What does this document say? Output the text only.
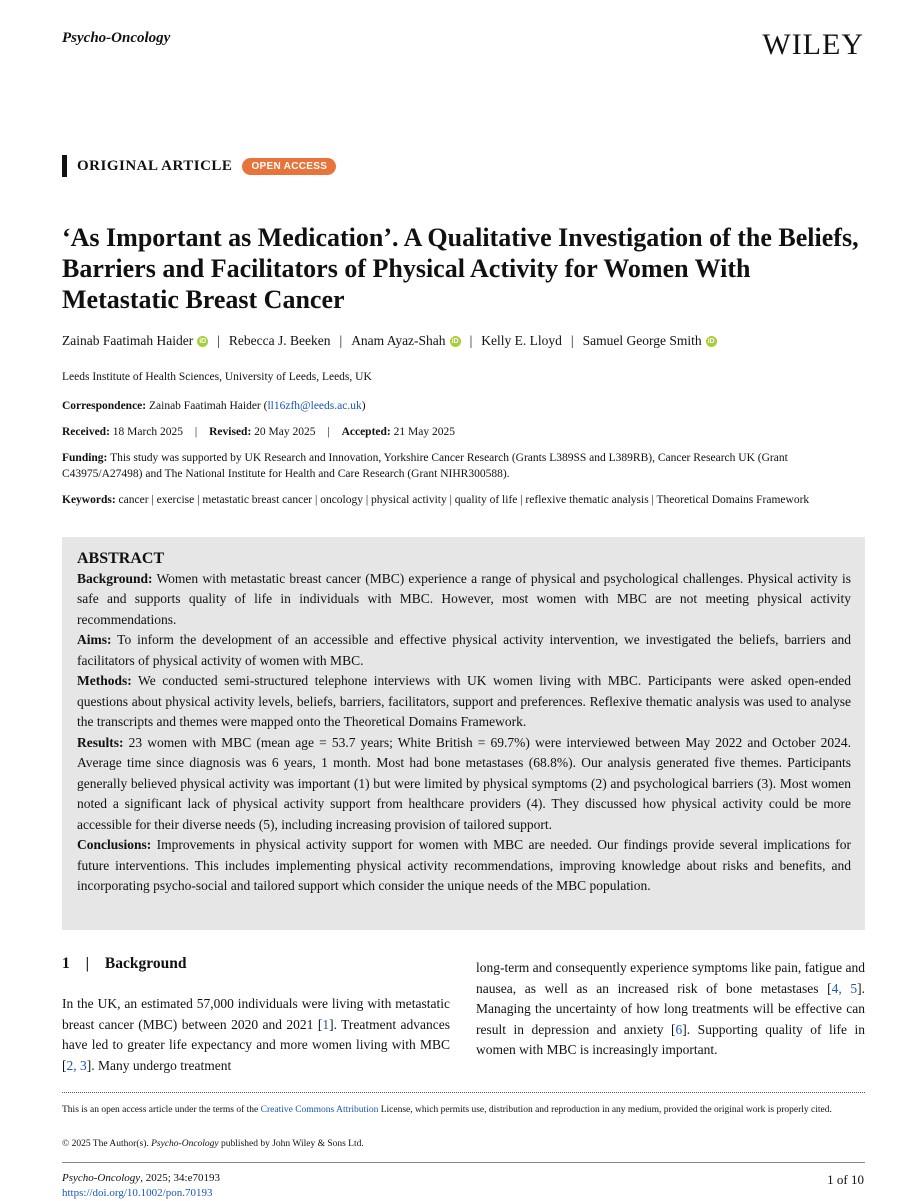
Psycho-Oncology	WILEY
ORIGINAL ARTICLE	OPEN ACCESS
‘As Important as Medication’. A Qualitative Investigation of the Beliefs, Barriers and Facilitators of Physical Activity for Women With Metastatic Breast Cancer
Zainab Faatimah Haider iD | Rebecca J. Beeken | Anam Ayaz-Shah iD | Kelly E. Lloyd | Samuel George Smith iD
Leeds Institute of Health Sciences, University of Leeds, Leeds, UK
Correspondence: Zainab Faatimah Haider (ll16zfh@leeds.ac.uk)
Received: 18 March 2025 | Revised: 20 May 2025 | Accepted: 21 May 2025
Funding: This study was supported by UK Research and Innovation, Yorkshire Cancer Research (Grants L389SS and L389RB), Cancer Research UK (Grant C43975/A27498) and The National Institute for Health and Care Research (Grant NIHR300588).
Keywords: cancer | exercise | metastatic breast cancer | oncology | physical activity | quality of life | reflexive thematic analysis | Theoretical Domains Framework
ABSTRACT
Background: Women with metastatic breast cancer (MBC) experience a range of physical and psychological challenges. Physical activity is safe and supports quality of life in individuals with MBC. However, most women with MBC are not meeting physical activity recommendations.
Aims: To inform the development of an accessible and effective physical activity intervention, we investigated the beliefs, barriers and facilitators of physical activity of women with MBC.
Methods: We conducted semi-structured telephone interviews with UK women living with MBC. Participants were asked open-ended questions about physical activity levels, beliefs, barriers, facilitators, support and preferences. Reflexive thematic analysis was used to analyse the transcripts and themes were mapped onto the Theoretical Domains Framework.
Results: 23 women with MBC (mean age = 53.7 years; White British = 69.7%) were interviewed between May 2022 and October 2024. Average time since diagnosis was 6 years, 1 month. Most had bone metastases (68.8%). Our analysis generated five themes. Participants generally believed physical activity was important (1) but were limited by physical symptoms (2) and psychological barriers (3). Most women noted a significant lack of physical activity support from healthcare providers (4). They discussed how physical activity could be more accessible for their diverse needs (5), including increasing provision of tailored support.
Conclusions: Improvements in physical activity support for women with MBC are needed. Our findings provide several implications for future interventions. This includes implementing physical activity recommendations, improving knowledge about risks and benefits, and incorporating psycho-social and tailored support which consider the unique needs of the MBC population.
1 | Background
In the UK, an estimated 57,000 individuals were living with metastatic breast cancer (MBC) between 2020 and 2021 [1]. Treatment advances have led to greater life expectancy and more women living with MBC [2, 3]. Many undergo treatment
long-term and consequently experience symptoms like pain, fatigue and nausea, as well as an increased risk of bone metastases [4, 5]. Managing the uncertainty of how long treatments will be effective can result in depression and anxiety [6]. Supporting quality of life in women with MBC is increasingly important.
This is an open access article under the terms of the Creative Commons Attribution License, which permits use, distribution and reproduction in any medium, provided the original work is properly cited.
© 2025 The Author(s). Psycho-Oncology published by John Wiley & Sons Ltd.
Psycho-Oncology, 2025; 34:e70193
https://doi.org/10.1002/pon.70193
1 of 10
